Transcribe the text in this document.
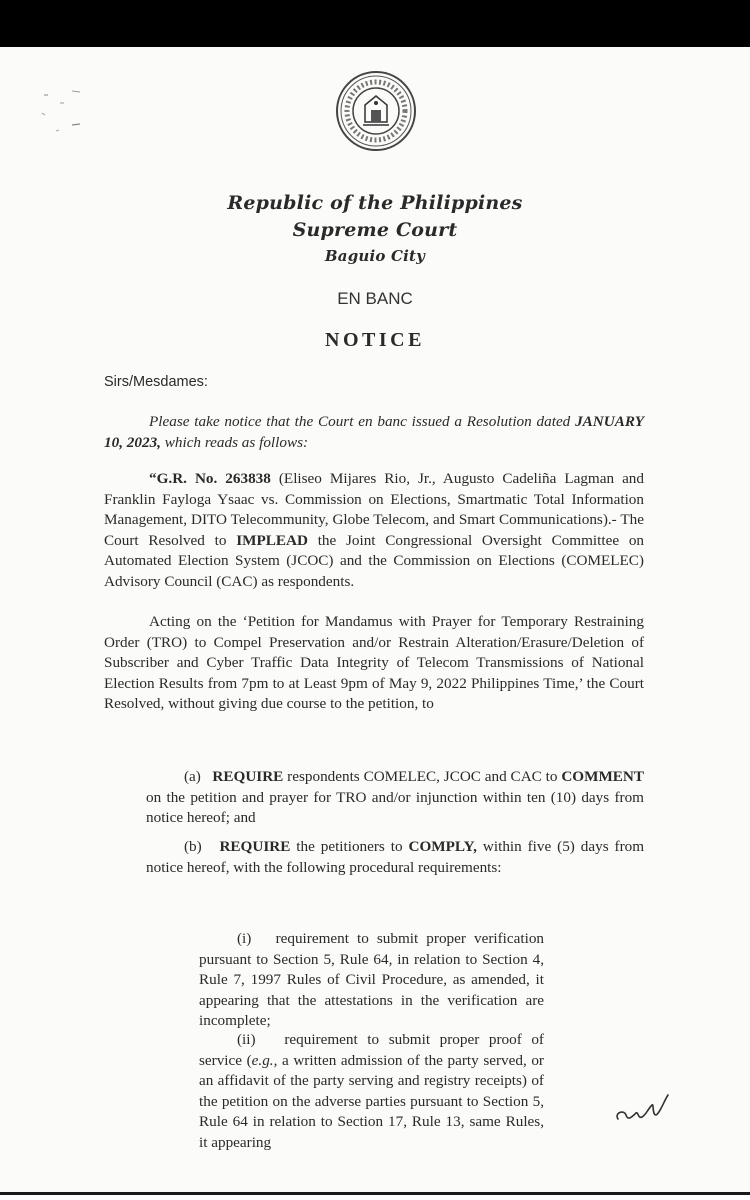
Republic of the Philippines
Supreme Court
Baguio City
EN BANC
NOTICE
Sirs/Mesdames:
Please take notice that the Court en banc issued a Resolution dated JANUARY 10, 2023, which reads as follows:
“G.R. No. 263838 (Eliseo Mijares Rio, Jr., Augusto Cadeliña Lagman and Franklin Fayloga Ysaac vs. Commission on Elections, Smartmatic Total Information Management, DITO Telecommunity, Globe Telecom, and Smart Communications).- The Court Resolved to IMPLEAD the Joint Congressional Oversight Committee on Automated Election System (JCOC) and the Commission on Elections (COMELEC) Advisory Council (CAC) as respondents.
Acting on the ‘Petition for Mandamus with Prayer for Temporary Restraining Order (TRO) to Compel Preservation and/or Restrain Alteration/Erasure/Deletion of Subscriber and Cyber Traffic Data Integrity of Telecom Transmissions of National Election Results from 7pm to at Least 9pm of May 9, 2022 Philippines Time,’ the Court Resolved, without giving due course to the petition, to
(a) REQUIRE respondents COMELEC, JCOC and CAC to COMMENT on the petition and prayer for TRO and/or injunction within ten (10) days from notice hereof; and
(b) REQUIRE the petitioners to COMPLY, within five (5) days from notice hereof, with the following procedural requirements:
(i) requirement to submit proper verification pursuant to Section 5, Rule 64, in relation to Section 4, Rule 7, 1997 Rules of Civil Procedure, as amended, it appearing that the attestations in the verification are incomplete;
(ii) requirement to submit proper proof of service (e.g., a written admission of the party served, or an affidavit of the party serving and registry receipts) of the petition on the adverse parties pursuant to Section 5, Rule 64 in relation to Section 17, Rule 13, same Rules, it appearing
